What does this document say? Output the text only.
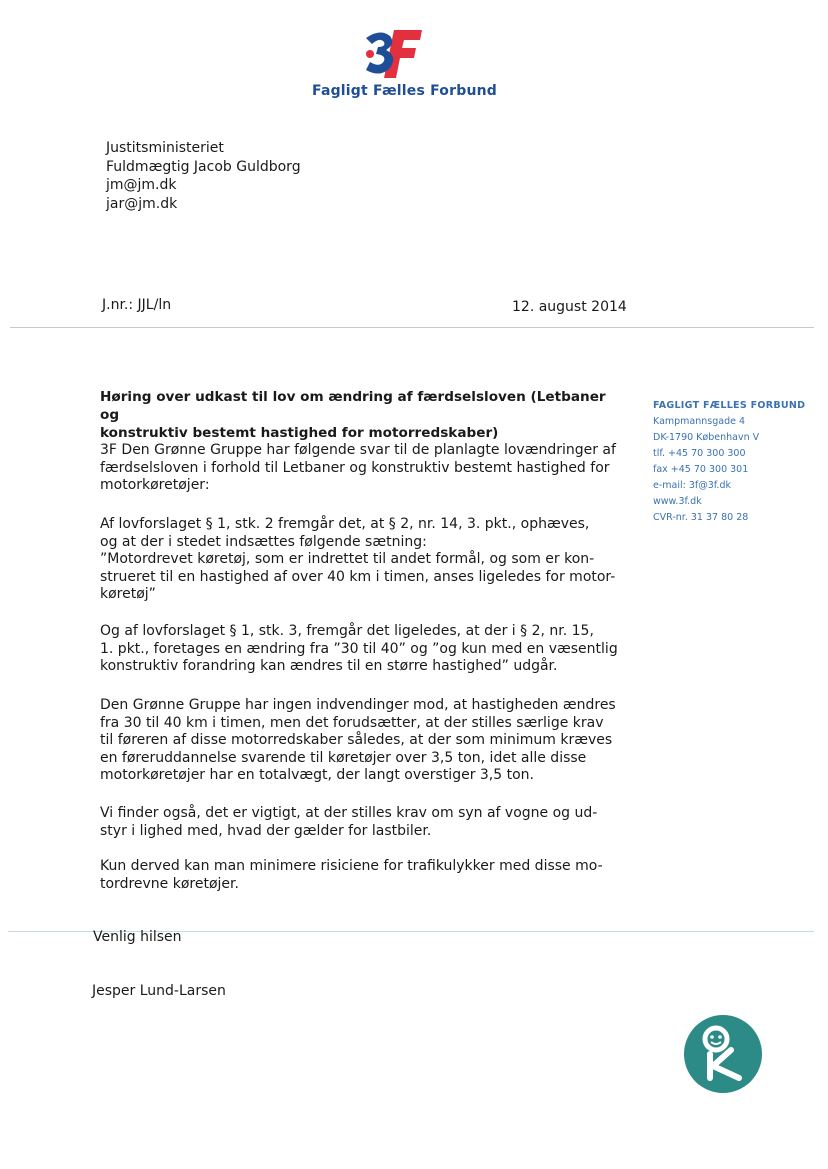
Fagligt Fælles Forbund
Justitsministeriet
Fuldmægtig Jacob Guldborg
jm@jm.dk
jar@jm.dk
J.nr.: JJL/ln	12. august 2014
Høring over udkast til lov om ændring af færdselsloven (Letbaner og
konstruktiv bestemt hastighed for motorredskaber)
3F Den Grønne Gruppe har følgende svar til de planlagte lovændringer af
færdselsloven i forhold til Letbaner og konstruktiv bestemt hastighed for
motorkøretøjer:
Af lovforslaget § 1, stk. 2 fremgår det, at § 2, nr. 14, 3. pkt., ophæves,
og at der i stedet indsættes følgende sætning:
”Motordrevet køretøj, som er indrettet til andet formål, og som er kon-
strueret til en hastighed af over 40 km i timen, anses ligeledes for motor-
køretøj”
Og af lovforslaget § 1, stk. 3, fremgår det ligeledes, at der i § 2, nr. 15,
1. pkt., foretages en ændring fra ”30 til 40” og ”og kun med en væsentlig
konstruktiv forandring kan ændres til en større hastighed” udgår.
Den Grønne Gruppe har ingen indvendinger mod, at hastigheden ændres
fra 30 til 40 km i timen, men det forudsætter, at der stilles særlige krav
til føreren af disse motorredskaber således, at der som minimum kræves
en føreruddannelse svarende til køretøjer over 3,5 ton, idet alle disse
motorkøretøjer har en totalvægt, der langt overstiger 3,5 ton.
Vi finder også, det er vigtigt, at der stilles krav om syn af vogne og ud-
styr i lighed med, hvad der gælder for lastbiler.
Kun derved kan man minimere risiciene for trafikulykker med disse mo-
tordrevne køretøjer.
Venlig hilsen
Jesper Lund-Larsen
FAGLIGT FÆLLES FORBUND
Kampmannsgade 4
DK-1790 København V
tlf. +45 70 300 300
fax +45 70 300 301
e-mail: 3f@3f.dk
www.3f.dk
CVR-nr. 31 37 80 28
